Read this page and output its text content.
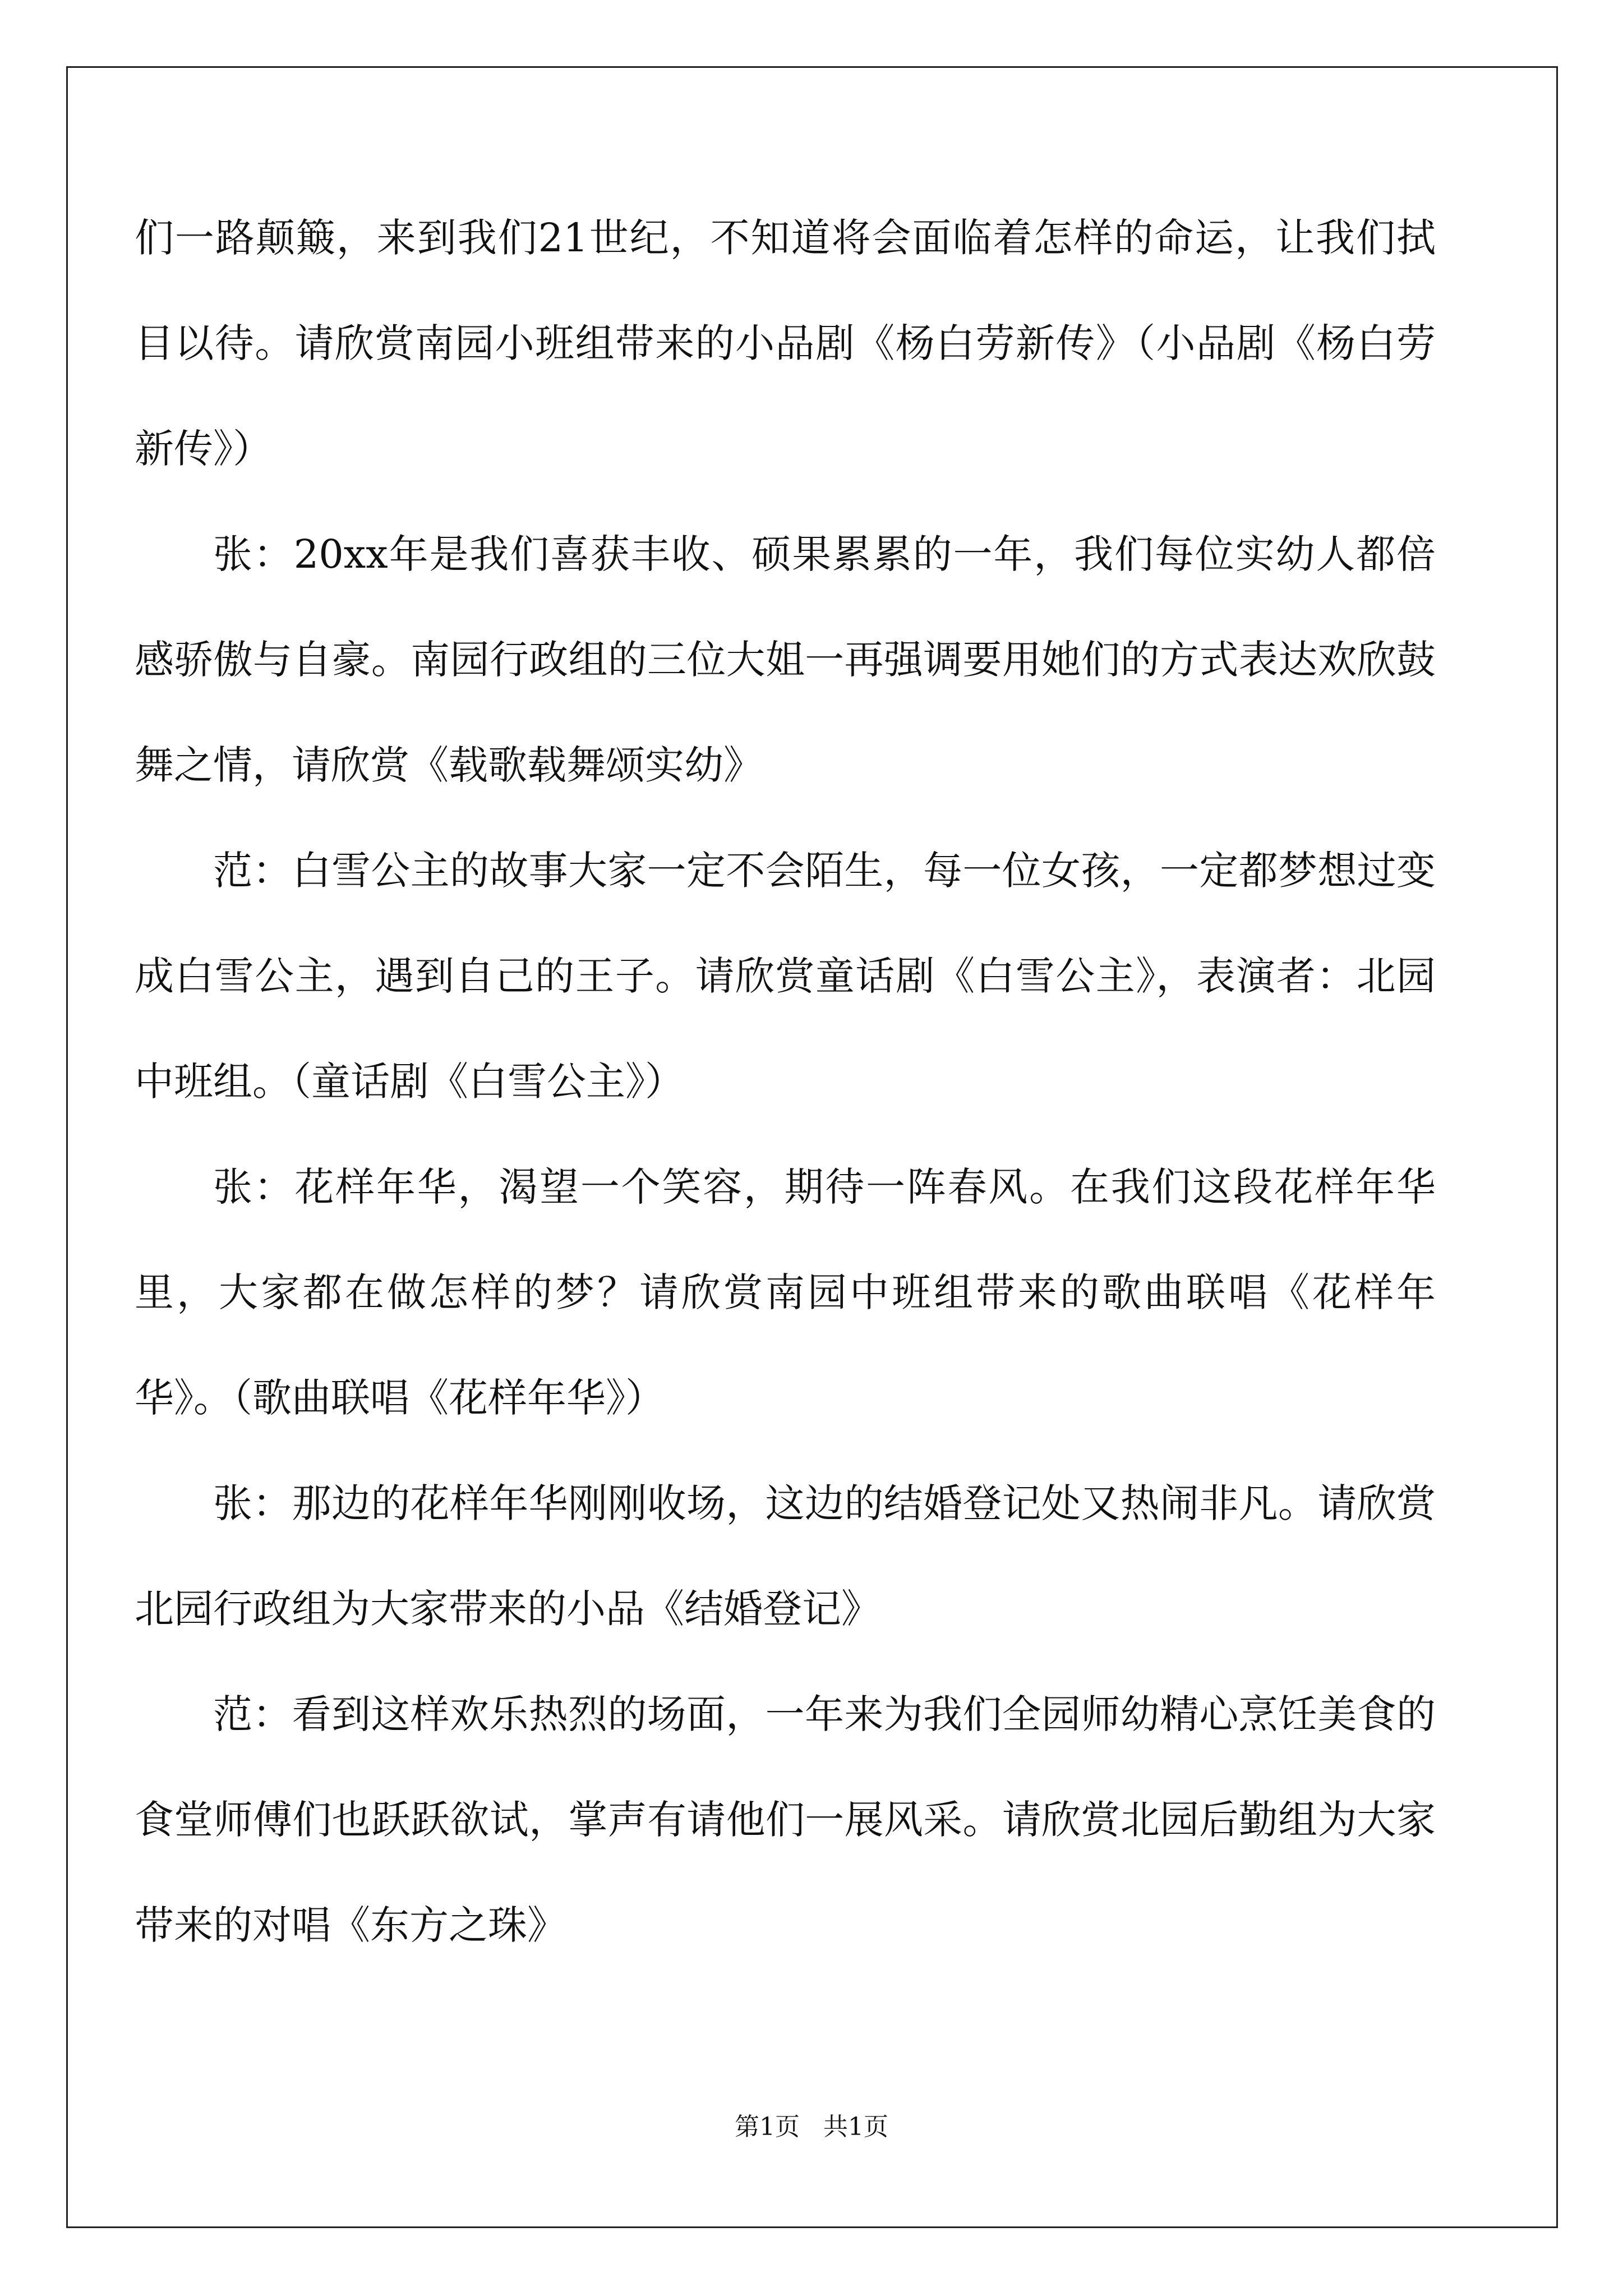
们一路颠簸，来到我们21世纪，不知道将会面临着怎样的命运，让我们拭目以待。请欣赏南园小班组带来的小品剧《杨白劳新传》（小品剧《杨白劳新传》）

张：20xx年是我们喜获丰收、硕果累累的一年，我们每位实幼人都倍感骄傲与自豪。南园行政组的三位大姐一再强调要用她们的方式表达欢欣鼓舞之情，请欣赏《载歌载舞颂实幼》

范：白雪公主的故事大家一定不会陌生，每一位女孩，一定都梦想过变成白雪公主，遇到自己的王子。请欣赏童话剧《白雪公主》，表演者：北园中班组。（童话剧《白雪公主》）

张：花样年华，渴望一个笑容，期待一阵春风。在我们这段花样年华里，大家都在做怎样的梦？请欣赏南园中班组带来的歌曲联唱《花样年华》。（歌曲联唱《花样年华》）

张：那边的花样年华刚刚收场，这边的结婚登记处又热闹非凡。请欣赏北园行政组为大家带来的小品《结婚登记》

范：看到这样欢乐热烈的场面，一年来为我们全园师幼精心烹饪美食的食堂师傅们也跃跃欲试，掌声有请他们一展风采。请欣赏北园后勤组为大家带来的对唱《东方之珠》

第1页   共1页
